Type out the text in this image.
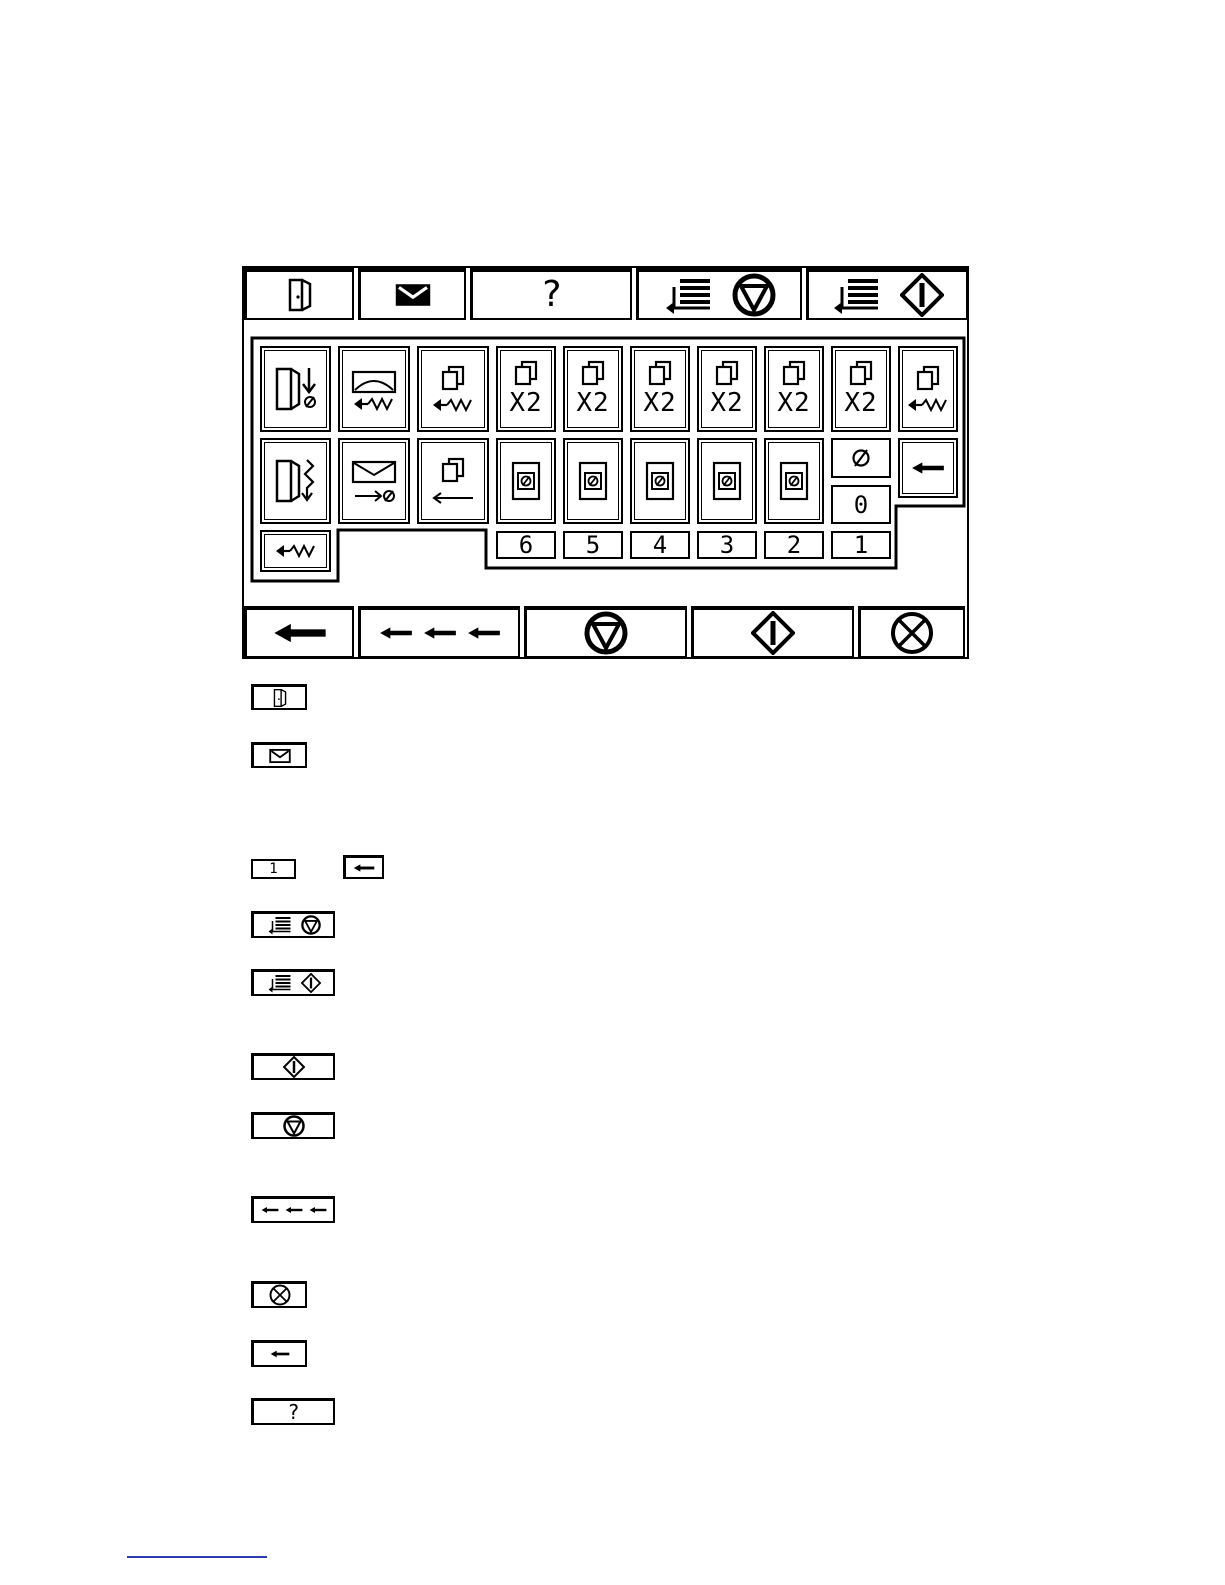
?
X2 X2 X2 X2 X2 X2
0
6	5	4	3	2	1
1
?
